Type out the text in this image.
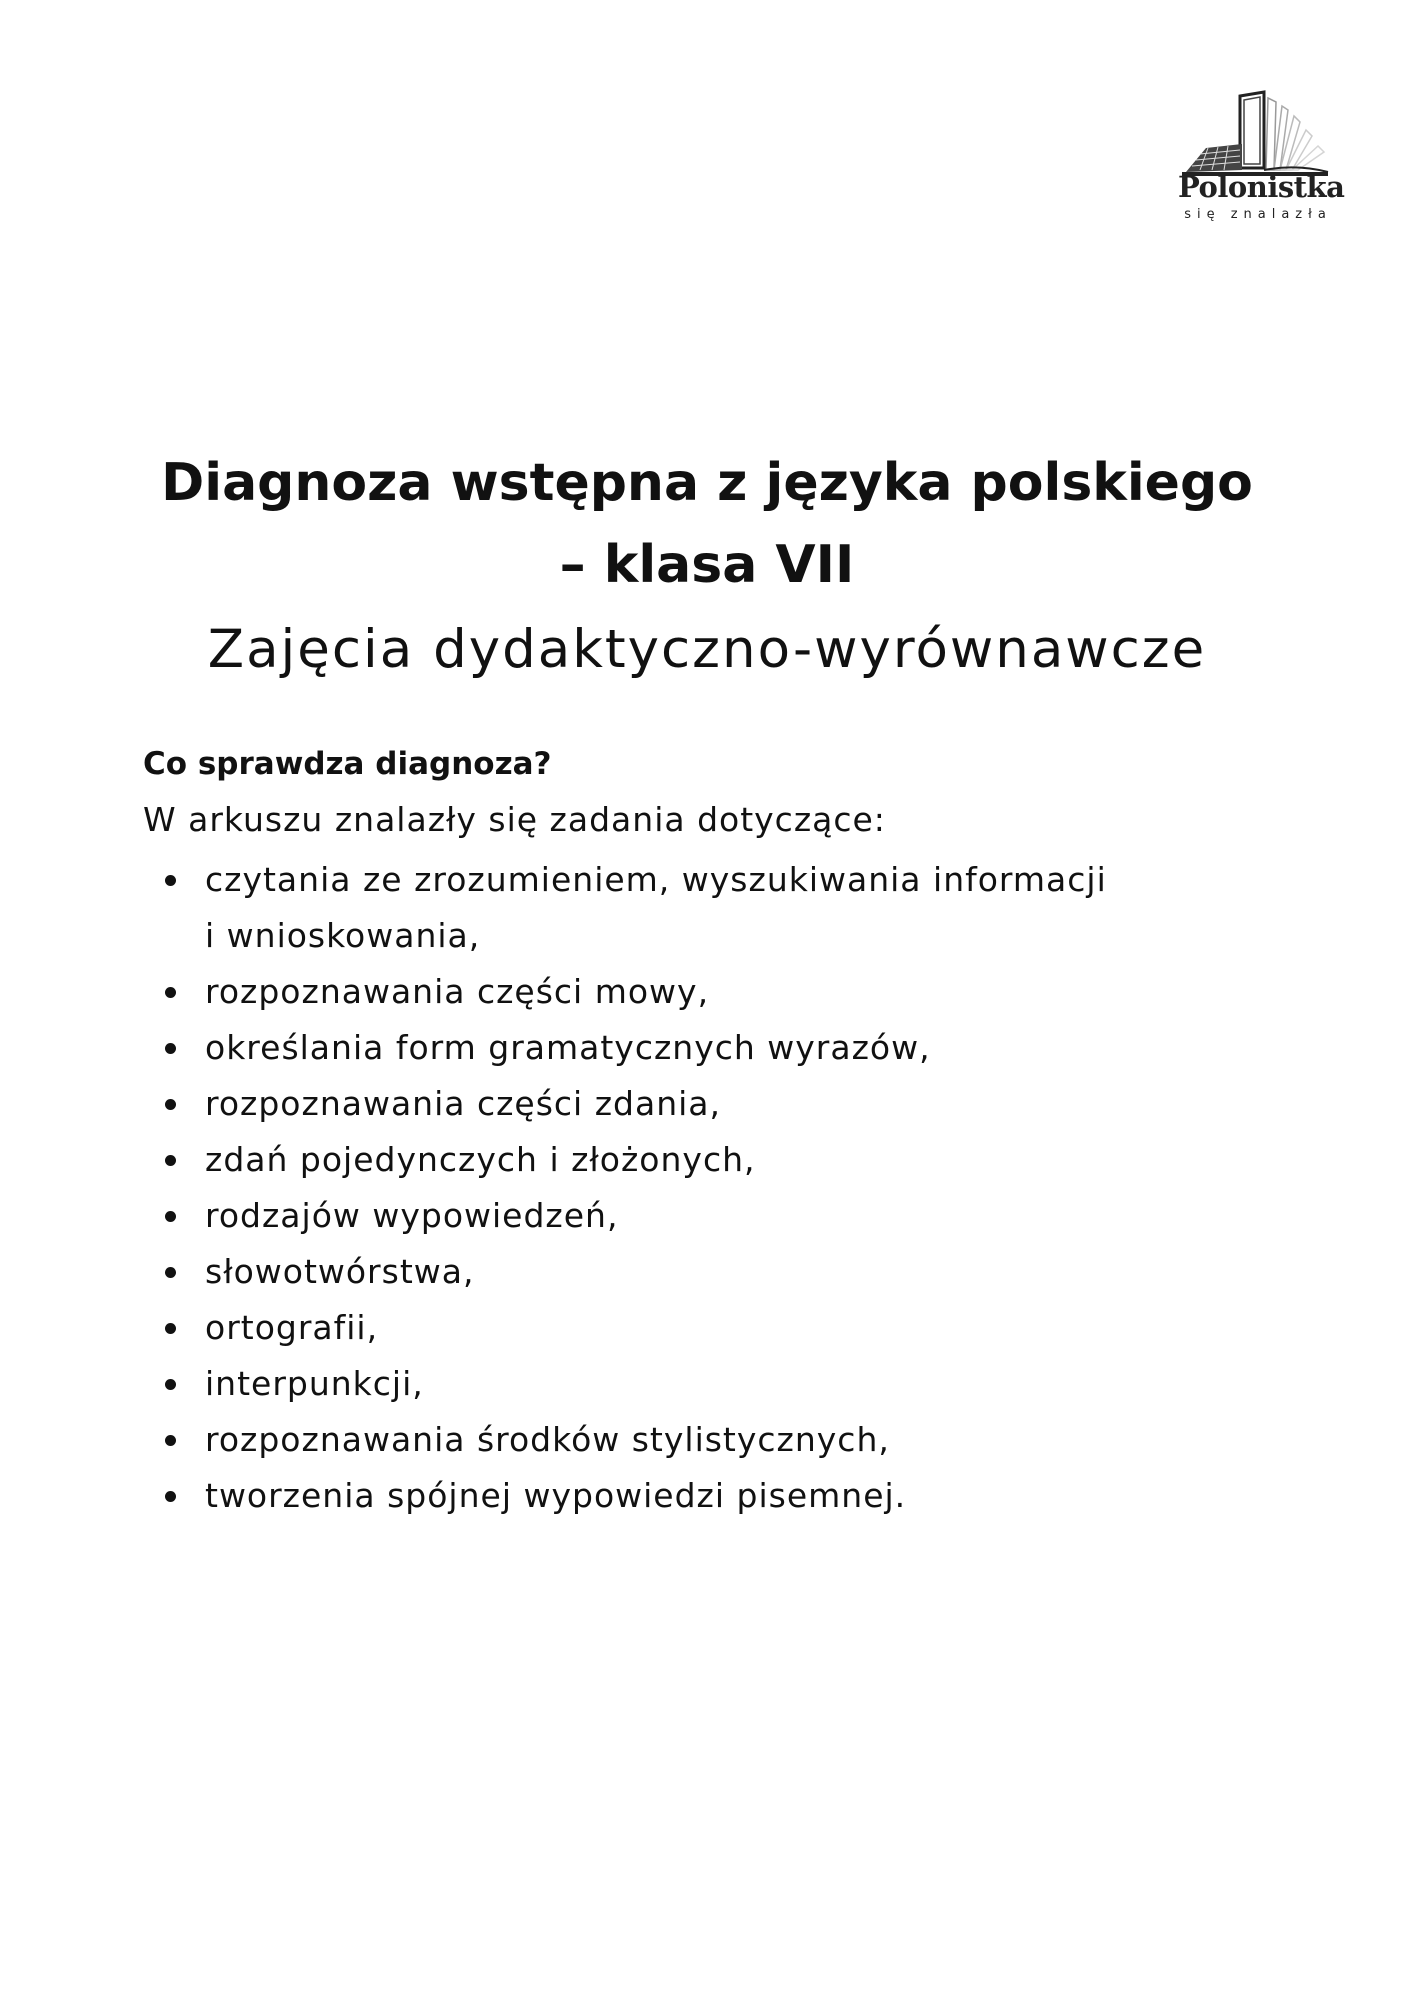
Polonistka
się znalazła
Diagnoza wstępna z języka polskiego
– klasa VII
Zajęcia dydaktyczno-wyrównawcze
Co sprawdza diagnoza?
W arkuszu znalazły się zadania dotyczące:
czytania ze zrozumieniem, wyszukiwania informacji
i wnioskowania,
rozpoznawania części mowy,
określania form gramatycznych wyrazów,
rozpoznawania części zdania,
zdań pojedynczych i złożonych,
rodzajów wypowiedzeń,
słowotwórstwa,
ortografii,
interpunkcji,
rozpoznawania środków stylistycznych,
tworzenia spójnej wypowiedzi pisemnej.
